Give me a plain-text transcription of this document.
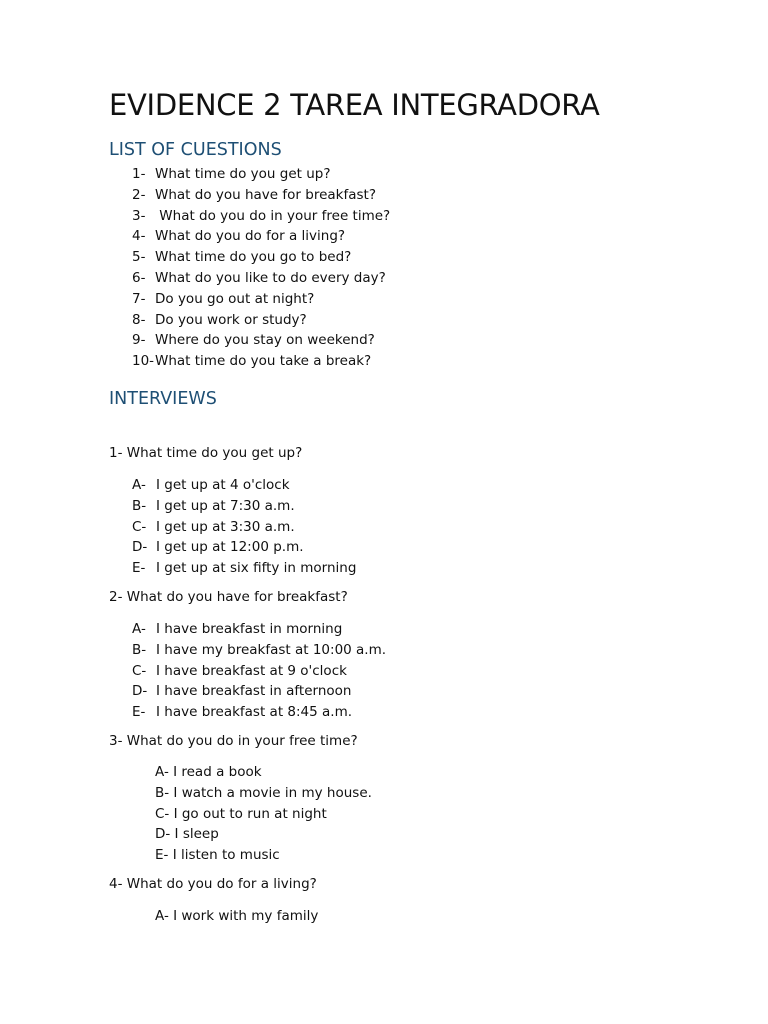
EVIDENCE 2 TAREA INTEGRADORA
LIST OF CUESTIONS
1- What time do you get up?
2- What do you have for breakfast?
3- What do you do in your free time?
4- What do you do for a living?
5- What time do you go to bed?
6- What do you like to do every day?
7- Do you go out at night?
8- Do you work or study?
9- Where do you stay on weekend?
10-What time do you take a break?
INTERVIEWS

1- What time do you get up?

A- I get up at 4 o'clock
B- I get up at 7:30 a.m.
C- I get up at 3:30 a.m.
D- I get up at 12:00 p.m.
E- I get up at six fifty in morning

2- What do you have for breakfast?

A- I have breakfast in morning
B- I have my breakfast at 10:00 a.m.
C- I have breakfast at 9 o'clock
D- I have breakfast in afternoon
E- I have breakfast at 8:45 a.m.

3- What do you do in your free time?

A- I read a book
B- I watch a movie in my house.
C- I go out to run at night
D- I sleep
E- I listen to music

4- What do you do for a living?

A- I work with my family
